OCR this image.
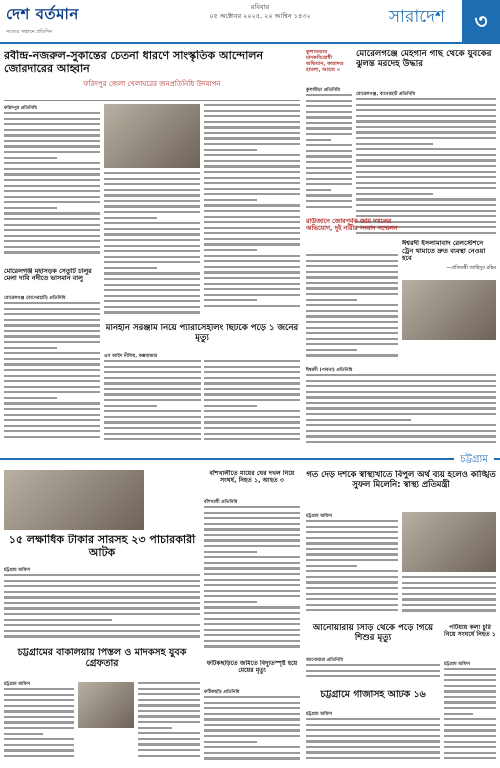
দেশ বর্তমান
সত্যের সন্ধানে প্রতিদিন
রবিবার
০৫ অক্টোবর ২০২৫, ২০ আশ্বিন ১৪৩২	সারাদেশ	৩
রবীন্দ্র-নজরুল-সুকান্তের চেতনা ধারণে সাংস্কৃতিক আন্দোলন জোরদারের আহ্বান
ফরিদপুর জেলা খেলাঘরের জনপ্রতিনিধি উদযাপন
ফরিদপুর প্রতিনিধি
মোরেলগঞ্জ মহাসড়ক সেতুটি চালুর মেলা দাবি নদীতে ভাসমান বালু
মোরেলগঞ্জ (বাগেরহাট) প্রতিনিধি
মানহীন সরঞ্জাম নিয়ে প্যারাসেইলিং ছিটকে পড়ে ১ জনের মৃত্যু
এস আইদ নীলিয়, কক্সবাজার
কুলাউড়ায় মাদকবিরোধী অভিযান, কারাদণ্ড হামলা, আহত ৩
কুলাউড়া প্রতিনিধি
মোরেলগঞ্জে মেহগনি গাছ থেকে যুবকের ঝুলন্ত মরদেহ উদ্ধার
মোরেলগঞ্জ, বাগেরহাট প্রতিনিধি
রাউজানে জোরপূর্বক জমি দখলের অভিযোগ, দুই নারীর সংবাদ সম্মেলন
ঈশ্বরদী ইসলামাবাদ রেলস্টেশনে ট্রেন থামাতে দ্রুত ব্যবস্থা নেওয়া হবে
—প্রতিমন্ত্রী জাহিদুর রহিম
ঈশ্বরদী (পাবনা) প্রতিনিধি
চট্টগ্রাম
১৫ লক্ষাধিক টাকার সারসহ ২৩ পাচারকারী আটক
চট্টগ্রাম অফিস
বাঁশখালীতে মায়ের ঘের দখল নিয়ে সংঘর্ষ, নিহত ১, আহত ৩
বাঁশখালী প্রতিনিধি
চট্টগ্রামের বাকলিয়ায় পিস্তল ও মাদকসহ যুবক গ্রেফতার
চট্টগ্রাম অফিস
ফটিকছড়িতে জমিতে বিদ্যুতস্পৃষ্ট হয়ে মেয়ের মৃত্যু
ফটিকছড়ি প্রতিনিধি
গত দেড় দশকে স্বাস্থ্যখাতে বিপুল অর্থ ব্যয় হলেও কাঙ্খিত সুফল মিলেনি: স্বাস্থ্য প্রতিমন্ত্রী
চট্টগ্রাম অফিস
আনোয়ারায় সিঁড়ি থেকে পড়ে গিয়ে শিশুর মৃত্যু
আনোয়ারা প্রতিনিধি
পটিয়ায় কলা চুরি নিয়ে সংঘর্ষে নিহত ১
চট্টগ্রাম অফিস
চট্টগ্রামে গাঁজাসহ আটক ১৬
চট্টগ্রাম অফিস
